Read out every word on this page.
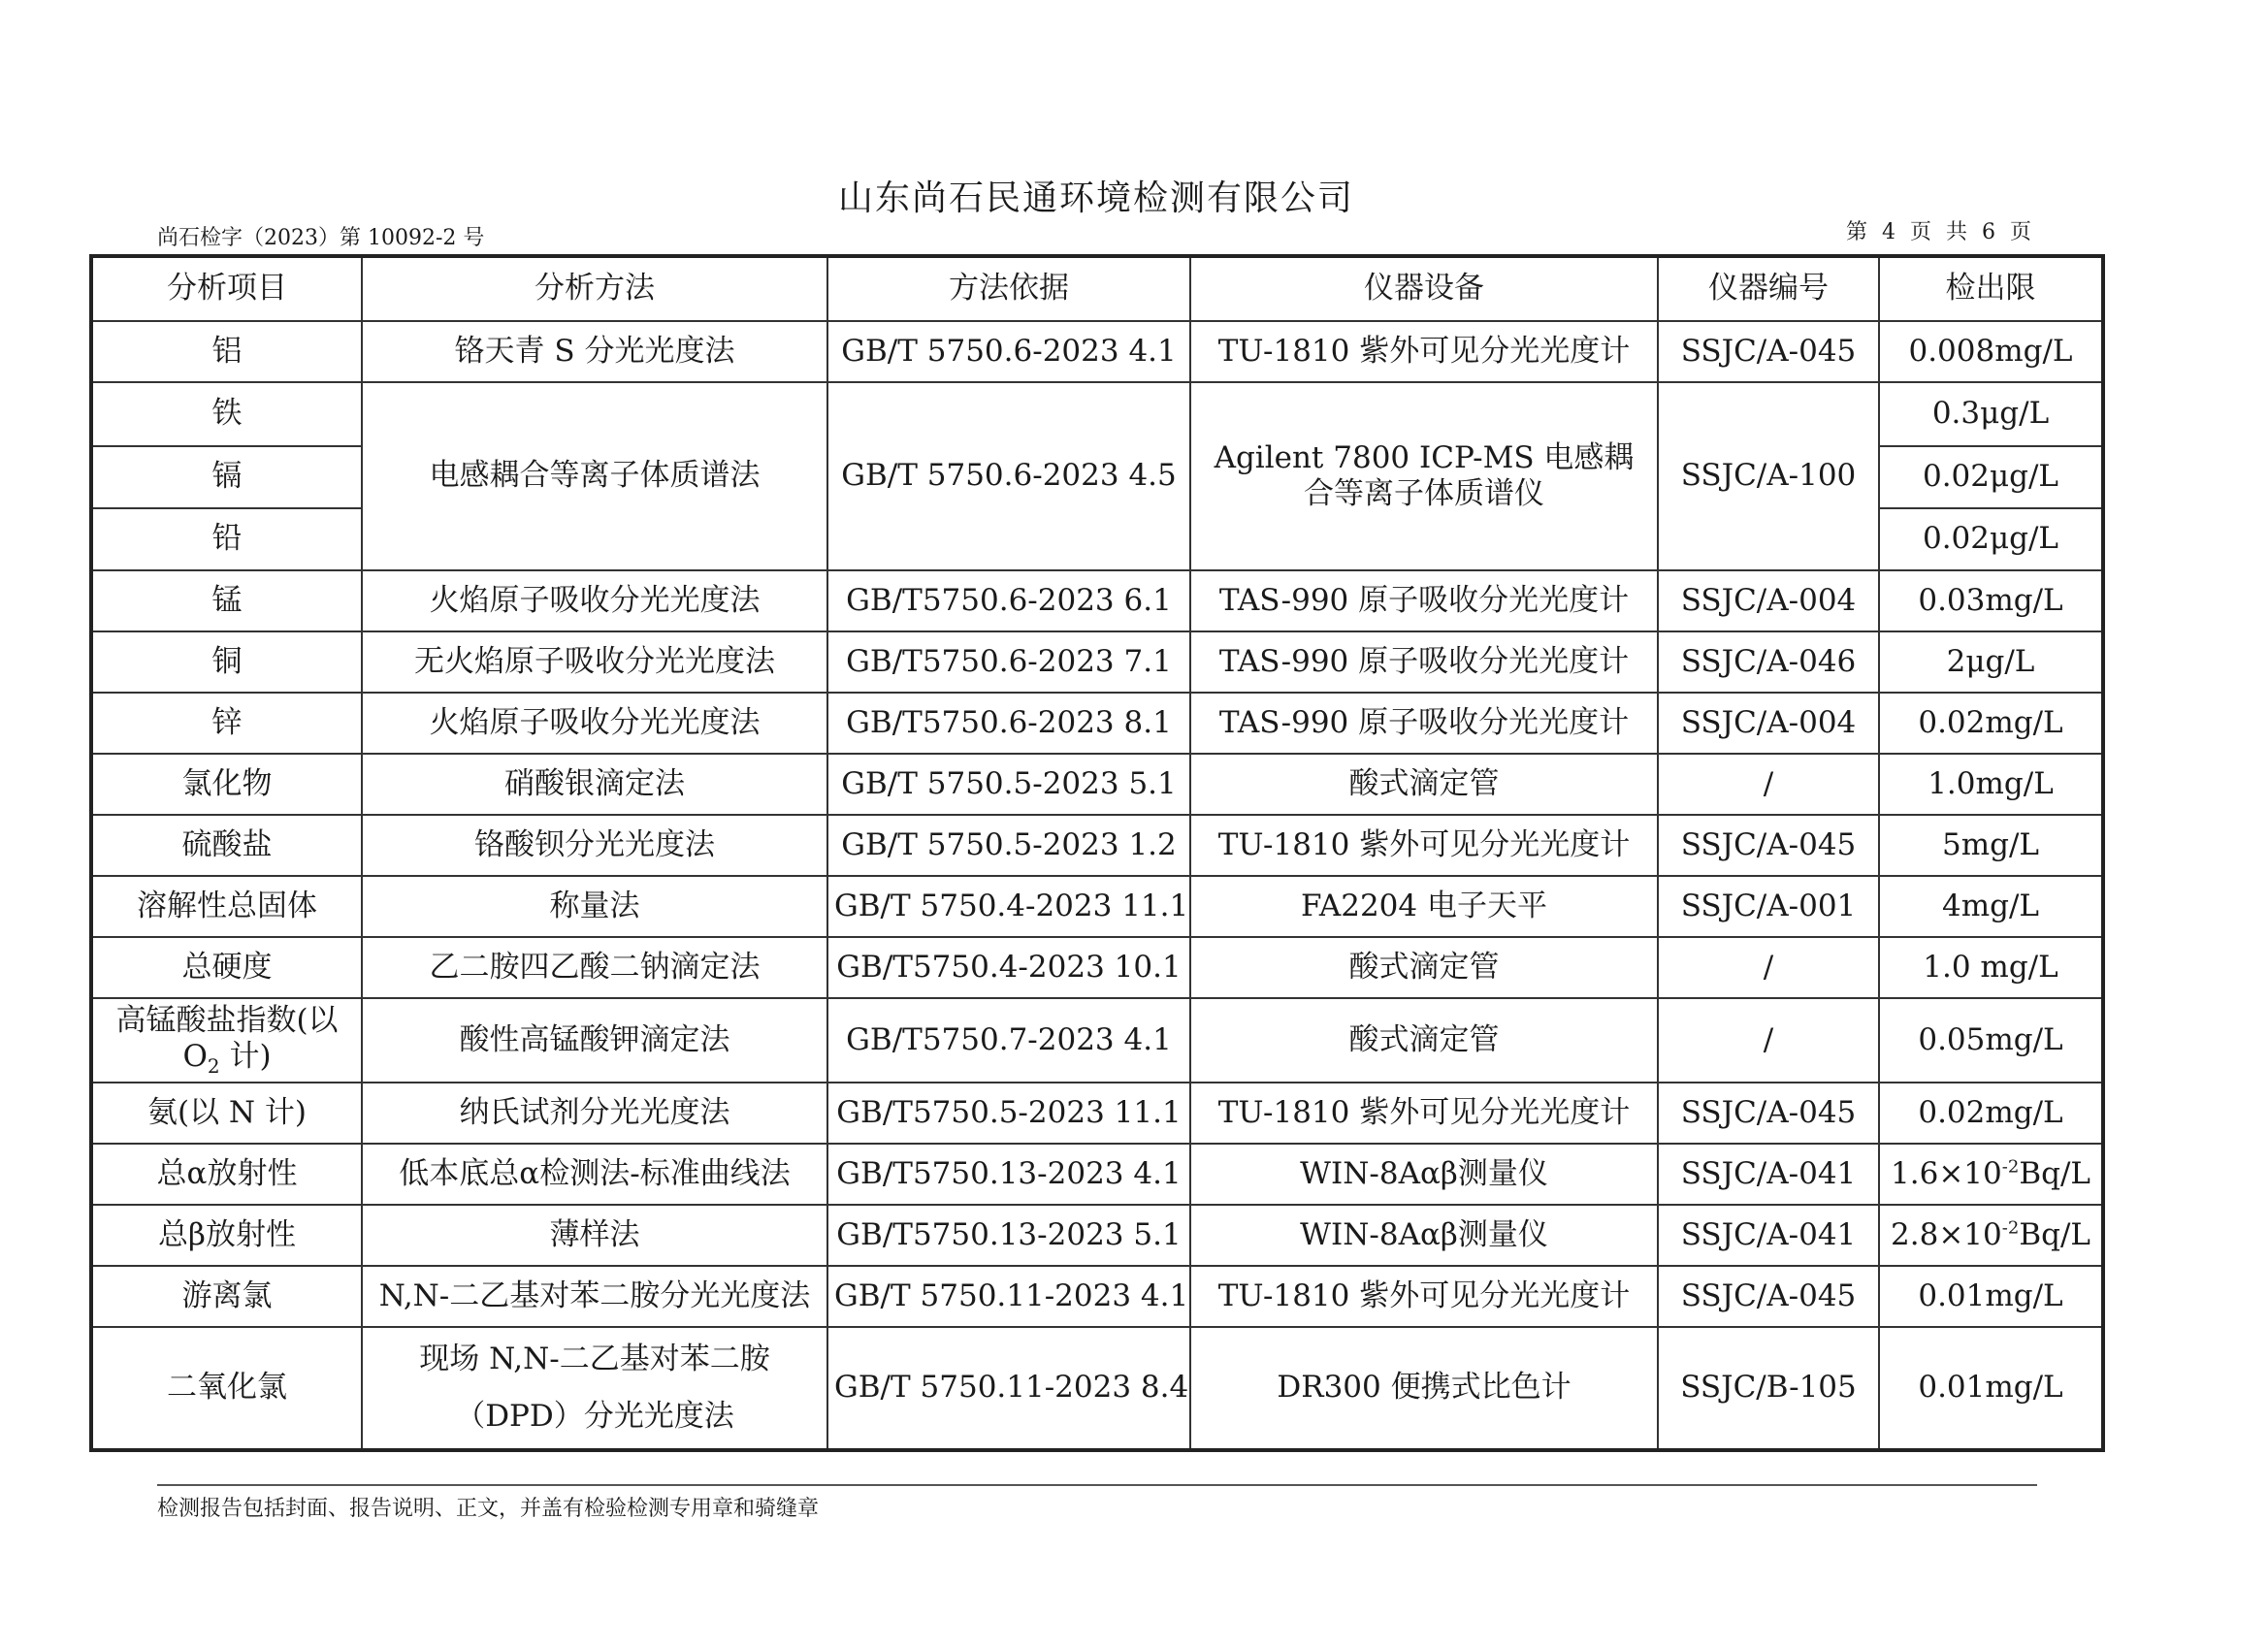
山东尚石民通环境检测有限公司
尚石检字（2023）第 10092-2 号	第 4 页 共 6 页
分析项目	分析方法	方法依据	仪器设备	仪器编号	检出限
铝	铬天青 S 分光光度法	GB/T 5750.6-2023 4.1	TU-1810 紫外可见分光光度计	SSJC/A-045	0.008mg/L
铁	电感耦合等离子体质谱法	GB/T 5750.6-2023 4.5	Agilent 7800 ICP-MS 电感耦合等离子体质谱仪	SSJC/A-100	0.3μg/L
镉					0.02μg/L
铅					0.02μg/L
锰	火焰原子吸收分光光度法	GB/T5750.6-2023 6.1	TAS-990 原子吸收分光光度计	SSJC/A-004	0.03mg/L
铜	无火焰原子吸收分光光度法	GB/T5750.6-2023 7.1	TAS-990 原子吸收分光光度计	SSJC/A-046	2μg/L
锌	火焰原子吸收分光光度法	GB/T5750.6-2023 8.1	TAS-990 原子吸收分光光度计	SSJC/A-004	0.02mg/L
氯化物	硝酸银滴定法	GB/T 5750.5-2023 5.1	酸式滴定管	/	1.0mg/L
硫酸盐	铬酸钡分光光度法	GB/T 5750.5-2023 1.2	TU-1810 紫外可见分光光度计	SSJC/A-045	5mg/L
溶解性总固体	称量法	GB/T 5750.4-2023 11.1	FA2204 电子天平	SSJC/A-001	4mg/L
总硬度	乙二胺四乙酸二钠滴定法	GB/T5750.4-2023 10.1	酸式滴定管	/	1.0 mg/L

高锰酸盐指数(以
$O_2$ 计)	酸性高锰酸钾滴定法	GB/T5750.7-2023 4.1	酸式滴定管	/	0.05mg/L
氨(以 N 计)	纳氏试剂分光光度法	GB/T5750.5-2023 11.1	TU-1810 紫外可见分光光度计	SSJC/A-045	0.02mg/L
总α放射性	低本底总α检测法-标准曲线法	GB/T5750.13-2023 4.1	WIN-8Aαβ测量仪	SSJC/A-041	$1.6\times 10^{-2}Bq/L$
总β放射性	薄样法	GB/T5750.13-2023 5.1	WIN-8Aαβ测量仪	SSJC/A-041	$2.8\times 10^{-2}Bq/L$
游离氯	N,N-二乙基对苯二胺分光光度法	GB/T 5750.11-2023 4.1	TU-1810 紫外可见分光光度计	SSJC/A-045	0.01mg/L
二氧化氯	现场 N,N-二乙基对苯二胺
（DPD）分光光度法	GB/T 5750.11-2023 8.4	DR300 便携式比色计	SSJC/B-105	0.01mg/L
检测报告包括封面、报告说明、正文，并盖有检验检测专用章和骑缝章
